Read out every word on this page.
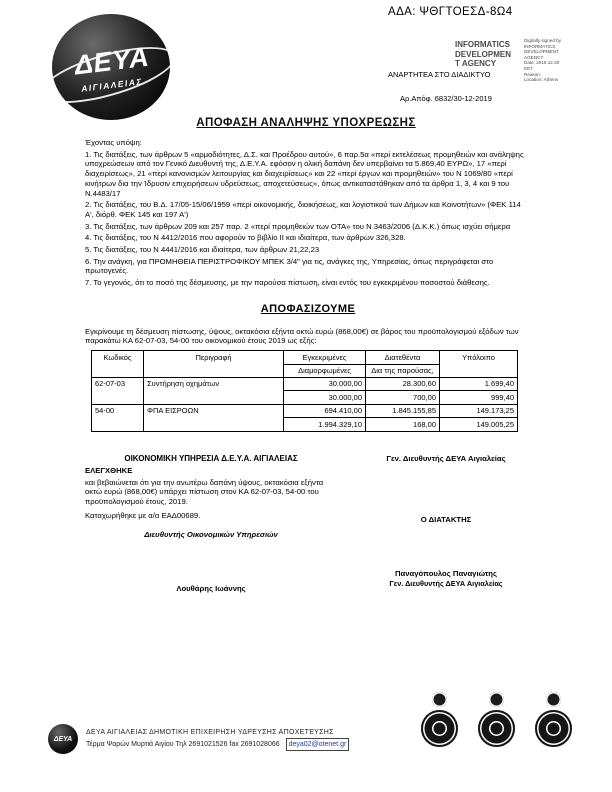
ΑΔΑ: ΨΘΓΤΟΕΣΔ-8Ω4
ΔΕΥΑ
ΑΙΓΙΑΛΕΙΑΣ
INFORMATICS
DEVELOPMEN
T AGENCY
Digitally signed by
INFORMATICS
DEVELOPMENT AGENCY
Date: 2019.12.30
EET
Reason:
Location: Athens
ΑΝΑΡΤΗΤΕΑ ΣΤΟ ΔΙΑΔΙΚΤΥΟ
Αρ.Απόφ. 6832/30-12-2019
ΑΠΟΦΑΣΗ ΑΝΑΛΗΨΗΣ ΥΠΟΧΡΕΩΣΗΣ

Έχοντας υπόψη:

1. Τις διατάξεις, των άρθρων 5 «αρμοδιότητες, Δ.Σ. και Προέδρου αυτού», 6 παρ.5α «περί εκτελέσεως προμηθειών και ανάληψης υποχρεώσεων από τον Γενικό Διευθυντή της, Δ.Ε.Υ.Α. εφόσον η ολική δαπάνη δεν υπερβαίνει τα 5.869,40 ΕΥΡΩ», 17 «περί διαχειρίσεως», 21 «περί κανονισμών λειτουργίας και διαχειρίσεως» και 22 «περί έργων και προμηθειών» του Ν 1069/80 «περί κινήτρων δια την Ίδρυσιν επιχειρήσεων υδρεύσεως, αποχετεύσεως», όπως αντικαταστάθηκαν από τα άρθρα 1, 3, 4 και 9 του Ν.4483/17

2. Τις διατάξεις, του Β.Δ. 17/05-15/06/1959 «περί οικονομικής, διοικήσεως, και λογιστικού των Δήμων και Κοινοτήτων» (ΦΕΚ 114 Α', διόρθ. ΦΕΚ 145 και 197 Α')

3. Τις διατάξεις, των άρθρων 209 και 257 παρ. 2 «περί προμηθειών των ΟΤΑ» του Ν 3463/2006 (Δ.Κ.Κ.) όπως ισχύει σήμερα

4. Τις διατάξεις, του Ν 4412/2016 που αφορούν το βιβλίο ΙΙ και ιδιαίτερα, των άρθρων 326,328.

5. Τις διατάξεις, του Ν 4441/2016 και ιδιαίτερα, των άρθρων 21,22,23

6. Την ανάγκη, για ΠΡΟΜΗΘΕΙΑ ΠΕΡΙΣΤΡΟΦΙΚΟΥ ΜΠΕΚ 3/4" για τις, ανάγκες της, Υπηρεσίας, όπως περιγράφεται στο πρωτογενές.

7. Το γεγονός, ότι το ποσό της δέσμευσης, με την παρούσα πίστωση, είναι εντός του εγκεκριμένου ποσοστού διάθεσης.

ΑΠΟΦΑΣΙΖΟΥΜΕ

Εγκρίνουμε τη δέσμευση πίστωσης, ύψους, οκτακόσια εξήντα οκτώ ευρώ (868,00€) σε βάρος του προϋπολογισμού εξόδων των παρακάτω ΚΑ 62-07-03, 54-00 του οικονομικού έτους 2019 ως εξής:

Κωδικός	Περιγραφή	Εγκεκριμένες	Διατεθέντα	Υπόλοιπο
		Διαμορφωμένες	Δια της παρούσας,	
62-07-03	Συντήρηση οχημάτων	30.000,00	28.300,60	1.699,40
		30.000,00	700,00	999,40
54-00	ΦΠΑ ΕΙΣΡΟΩΝ	694.410,00	1.845.155,85	149.173,25
		1.994.329,10	168,00	149.005,25
ΟΙΚΟΝΟΜΙΚΗ ΥΠΗΡΕΣΙΑ Δ.Ε.Υ.Α. ΑΙΓΙΑΛΕΙΑΣ
ΕΛΕΓΧΘΗΚΕ
και βεβαιώνεται ότι για την ανωτέρω δαπάνη ύψους, οκτακόσια εξήντα οκτώ ευρώ (868,00€) υπάρχει πίστωση στον ΚΑ 62-07-03, 54-00 του προϋπολογισμού έτους, 2019.
Καταχωρήθηκε με α/α ΕΑΔ00689.
Διευθυντής Οικονομικών Υπηρεσιών
Λουθάρης Ιωάννης
Γεν. Διευθυντής ΔΕΥΑ Αιγιαλείας
Ο ΔΙΑΤΑΚΤΗΣ
Παναγόπουλος Παναγιώτης
Γεν. Διευθυντής ΔΕΥΑ Αιγιαλείας
ΔΕΥΑ
ΔΕΥΑ ΑΙΓΙΑΛΕΙΑΣ ΔΗΜΟΤΙΚΗ ΕΠΙΧΕΙΡΗΣΗ ΥΔΡΕΥΣΗΣ ΑΠΟΧΕΤΕΥΣΗΣ
Τέρμα Ψαρών Μυρτιά Αιγίου Τηλ 2691021526 fax 2691028066 deya02@otenet.gr
